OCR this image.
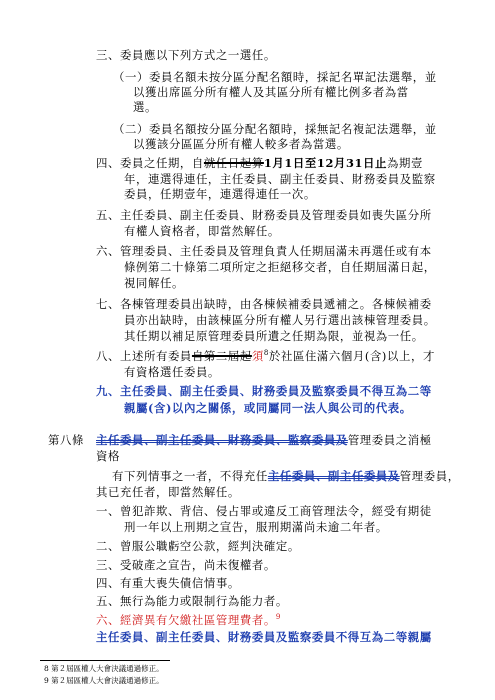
三、委員應以下列方式之一選任。
（一）委員名額未按分區分配名額時，採記名單記法選舉，並
以獲出席區分所有權人及其區分所有權比例多者為當
選。
（二）委員名額按分區分配名額時，採無記名複記法選舉，並
以獲該分區區分所有權人較多者為當選。
四、委員之任期，自就任日起算1月1日至12月31日止為期壹
年，連選得連任，主任委員、副主任委員、財務委員及監察
委員，任期壹年，連選得連任一次。
五、主任委員、副主任委員、財務委員及管理委員如喪失區分所
有權人資格者，即當然解任。
六、管理委員、主任委員及管理負責人任期屆滿未再選任或有本
條例第二十條第二項所定之拒絕移交者，自任期屆滿日起，
視同解任。
七、各棟管理委員出缺時，由各棟候補委員遞補之。各棟候補委
員亦出缺時，由該棟區分所有權人另行選出該棟管理委員。
其任期以補足原管理委員所遺之任期為限，並視為一任。
八、上述所有委員自第二屆起須$^8$於社區住滿六個月(含)以上，才
有資格選任委員。
九、主任委員、副主任委員、財務委員及監察委員不得互為二等
親屬(含)以內之關係，或同屬同一法人與公司的代表。
第八條 主任委員、副主任委員、財務委員、監察委員及管理委員之消極
資格
有下列情事之一者，不得充任主任委員、副主任委員及管理委員，
其已充任者，即當然解任。
一、曾犯詐欺、背信、侵占罪或違反工商管理法令，經受有期徒
刑一年以上刑期之宣告，服刑期滿尚未逾二年者。
二、曾服公職虧空公款，經判決確定。
三、受破產之宣告，尚未復權者。
四、有重大喪失債信情事。
五、無行為能力或限制行為能力者。
六、經濟異有欠繳社區管理費者。$^9$
主任委員、副主任委員、財務委員及監察委員不得互為二等親屬
8 第２屆區權人大會決議通過修正。
9 第２屆區權人大會決議通過修正。
